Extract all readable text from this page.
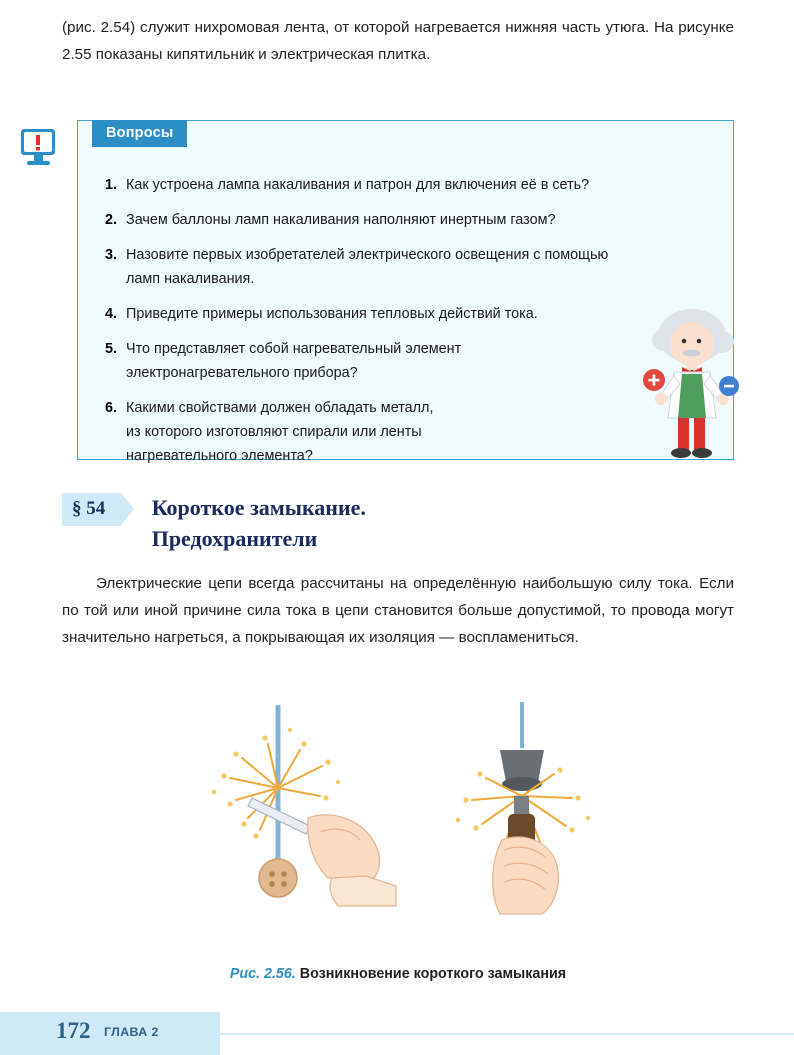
(рис. 2.54) служит нихромовая лента, от которой нагревается нижняя часть утюга. На рисунке 2.55 показаны кипятильник и электрическая плитка.
Вопросы
1. Как устроена лампа накаливания и патрон для включения её в сеть?
2. Зачем баллоны ламп накаливания наполняют инертным газом?
3. Назовите первых изобретателей электрического освещения с помощью
ламп накаливания.
4. Приведите примеры использования тепловых действий тока.
5. Что представляет собой нагревательный элемент
электронагревательного прибора?
6. Какими свойствами должен обладать металл,
из которого изготовляют спирали или ленты
нагревательного элемента?
§ 54 Короткое замыкание.
Предохранители
Электрические цепи всегда рассчитаны на определённую наибольшую силу тока. Если по той или иной причине сила тока в цепи становится больше допустимой, то провода могут значительно нагреться, а покрывающая их изоляция — воспламениться.
Рис. 2.56. Возникновение короткого замыкания
172 ГЛАВА 2
